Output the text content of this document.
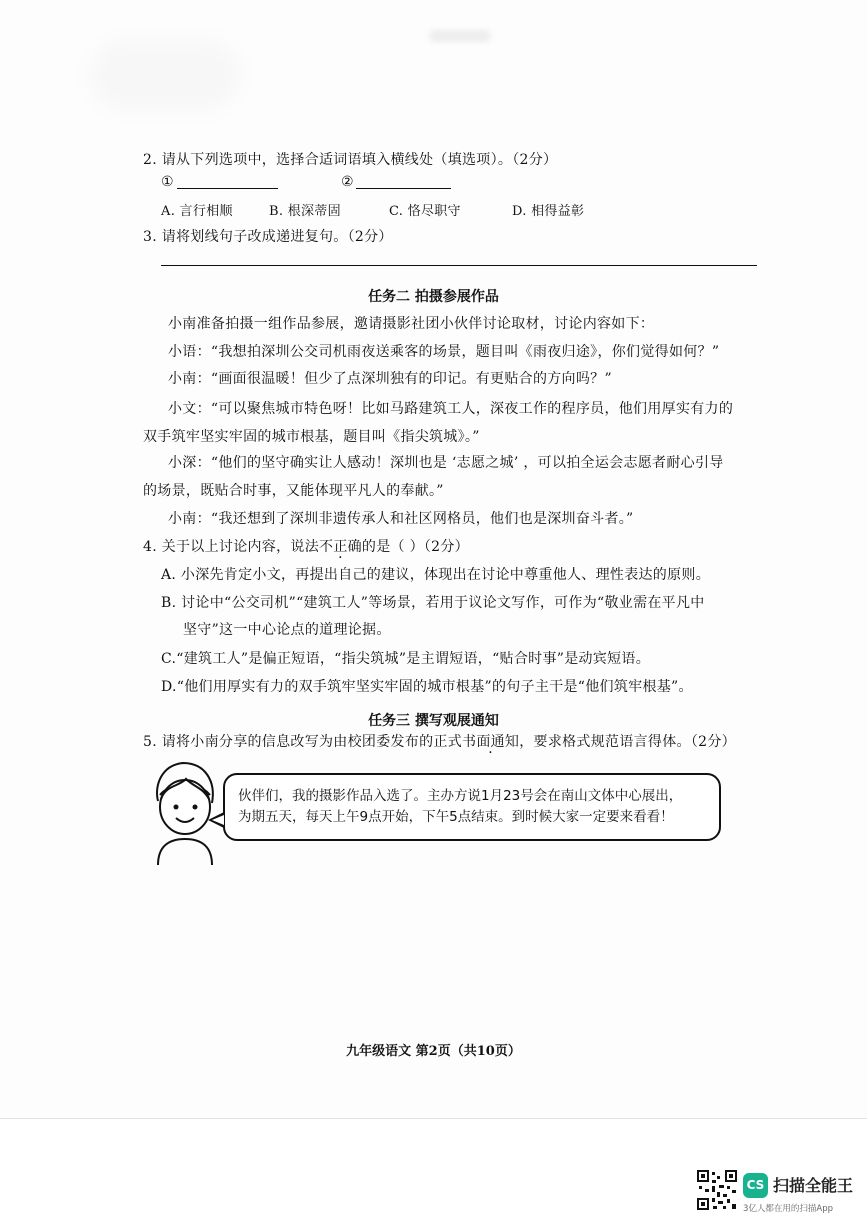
2. 请从下列选项中，选择合适词语填入横线处（填选项）。（2分）
①	②
A. 言行相顺	B. 根深蒂固	C. 恪尽职守	D. 相得益彰
3. 请将划线句子改成递进复句。（2分）
任务二 拍摄参展作品
小南准备拍摄一组作品参展，邀请摄影社团小伙伴讨论取材，讨论内容如下：
小语：“我想拍深圳公交司机雨夜送乘客的场景，题目叫《雨夜归途》，你们觉得如何？”
小南：“画面很温暖！但少了点深圳独有的印记。有更贴合的方向吗？”
小文：“可以聚焦城市特色呀！比如马路建筑工人，深夜工作的程序员，他们用厚实有力的
双手筑牢坚实牢固的城市根基，题目叫《指尖筑城》。”
小深：“他们的坚守确实让人感动！深圳也是 ‘志愿之城’ ，可以拍全运会志愿者耐心引导
的场景，既贴合时事，又能体现平凡人的奉献。”
小南：“我还想到了深圳非遗传承人和社区网格员，他们也是深圳奋斗者。”
4. 关于以上讨论内容，说法不正确的是（ ）（2分）
A. 小深先肯定小文，再提出自己的建议，体现出在讨论中尊重他人、理性表达的原则。
B. 讨论中“公交司机”“建筑工人”等场景，若用于议论文写作，可作为“敬业需在平凡中
坚守”这一中心论点的道理论据。
C.“建筑工人”是偏正短语，“指尖筑城”是主谓短语，“贴合时事”是动宾短语。
D.“他们用厚实有力的双手筑牢坚实牢固的城市根基”的句子主干是“他们筑牢根基”。
任务三 撰写观展通知
5. 请将小南分享的信息改写为由校团委发布的正式书面通知，要求格式规范语言得体。（2分）
伙伴们，我的摄影作品入选了。主办方说1月23号会在南山文体中心展出，
为期五天，每天上午9点开始，下午5点结束。到时候大家一定要来看看！
九年级语文 第2页（共10页）
CS 扫描全能王
3亿人都在用的扫描App
